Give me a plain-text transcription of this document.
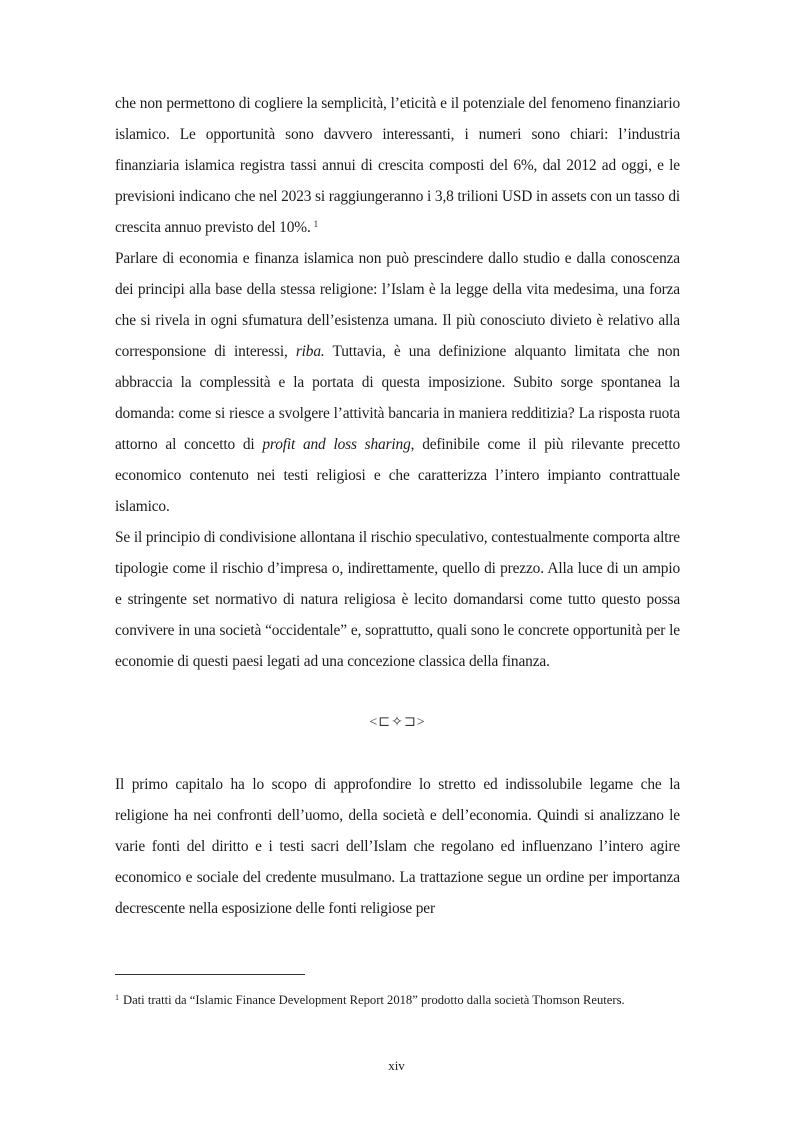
che non permettono di cogliere la semplicità, l’eticità e il potenziale del fenomeno finanziario islamico. Le opportunità sono davvero interessanti, i numeri sono chiari: l’industria finanziaria islamica registra tassi annui di crescita composti del 6%, dal 2012 ad oggi, e le previsioni indicano che nel 2023 si raggiungeranno i 3,8 trilioni USD in assets con un tasso di crescita annuo previsto del 10%. $^1$

Parlare di economia e finanza islamica non può prescindere dallo studio e dalla conoscenza dei principi alla base della stessa religione: l’Islam è la legge della vita medesima, una forza che si rivela in ogni sfumatura dell’esistenza umana. Il più conosciuto divieto è relativo alla corresponsione di interessi, riba. Tuttavia, è una definizione alquanto limitata che non abbraccia la complessità e la portata di questa imposizione. Subito sorge spontanea la domanda: come si riesce a svolgere l’attività bancaria in maniera redditizia? La risposta ruota attorno al concetto di profit and loss sharing, definibile come il più rilevante precetto economico contenuto nei testi religiosi e che caratterizza l’intero impianto contrattuale islamico.

Se il principio di condivisione allontana il rischio speculativo, contestualmente comporta altre tipologie come il rischio d’impresa o, indirettamente, quello di prezzo. Alla luce di un ampio e stringente set normativo di natura religiosa è lecito domandarsi come tutto questo possa convivere in una società “occidentale” e, soprattutto, quali sono le concrete opportunità per le economie di questi paesi legati ad una concezione classica della finanza.

<⊏✧⊐>

Il primo capitalo ha lo scopo di approfondire lo stretto ed indissolubile legame che la religione ha nei confronti dell’uomo, della società e dell’economia. Quindi si analizzano le varie fonti del diritto e i testi sacri dell’Islam che regolano ed influenzano l’intero agire economico e sociale del credente musulmano. La trattazione segue un ordine per importanza decrescente nella esposizione delle fonti religiose per

$^1$ Dati tratti da “Islamic Finance Development Report 2018” prodotto dalla società Thomson Reuters.

xiv
